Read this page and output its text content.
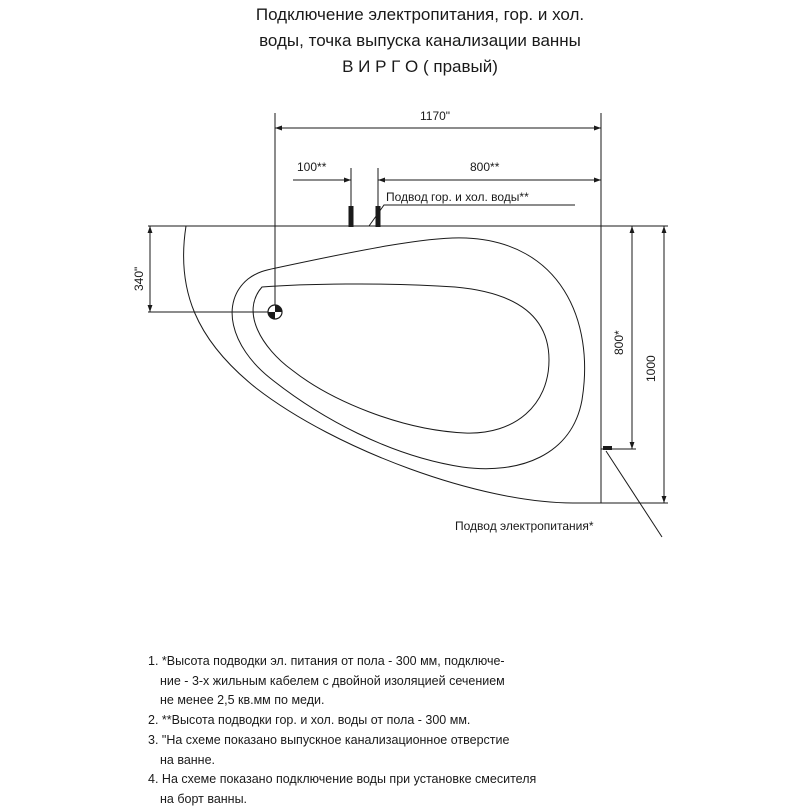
Подключение электропитания, гор. и хол.
воды, точка выпуска канализации ванны
В И Р Г О ( правый)
1170"
100**	800**
340"
800*
1000
Подвод гор. и хол. воды**
Подвод электропитания*
1. *Высота подводки эл. питания от пола - 300 мм, подключе-
ние - 3-х жильным кабелем с двойной изоляцией сечением
не менее 2,5 кв.мм по меди.
2. **Высота подводки гор. и хол. воды от пола - 300 мм.
3. "На схеме показано выпускное канализационное отверстие
на ванне.
4. На схеме показано подключение воды при установке смесителя
на борт ванны.
